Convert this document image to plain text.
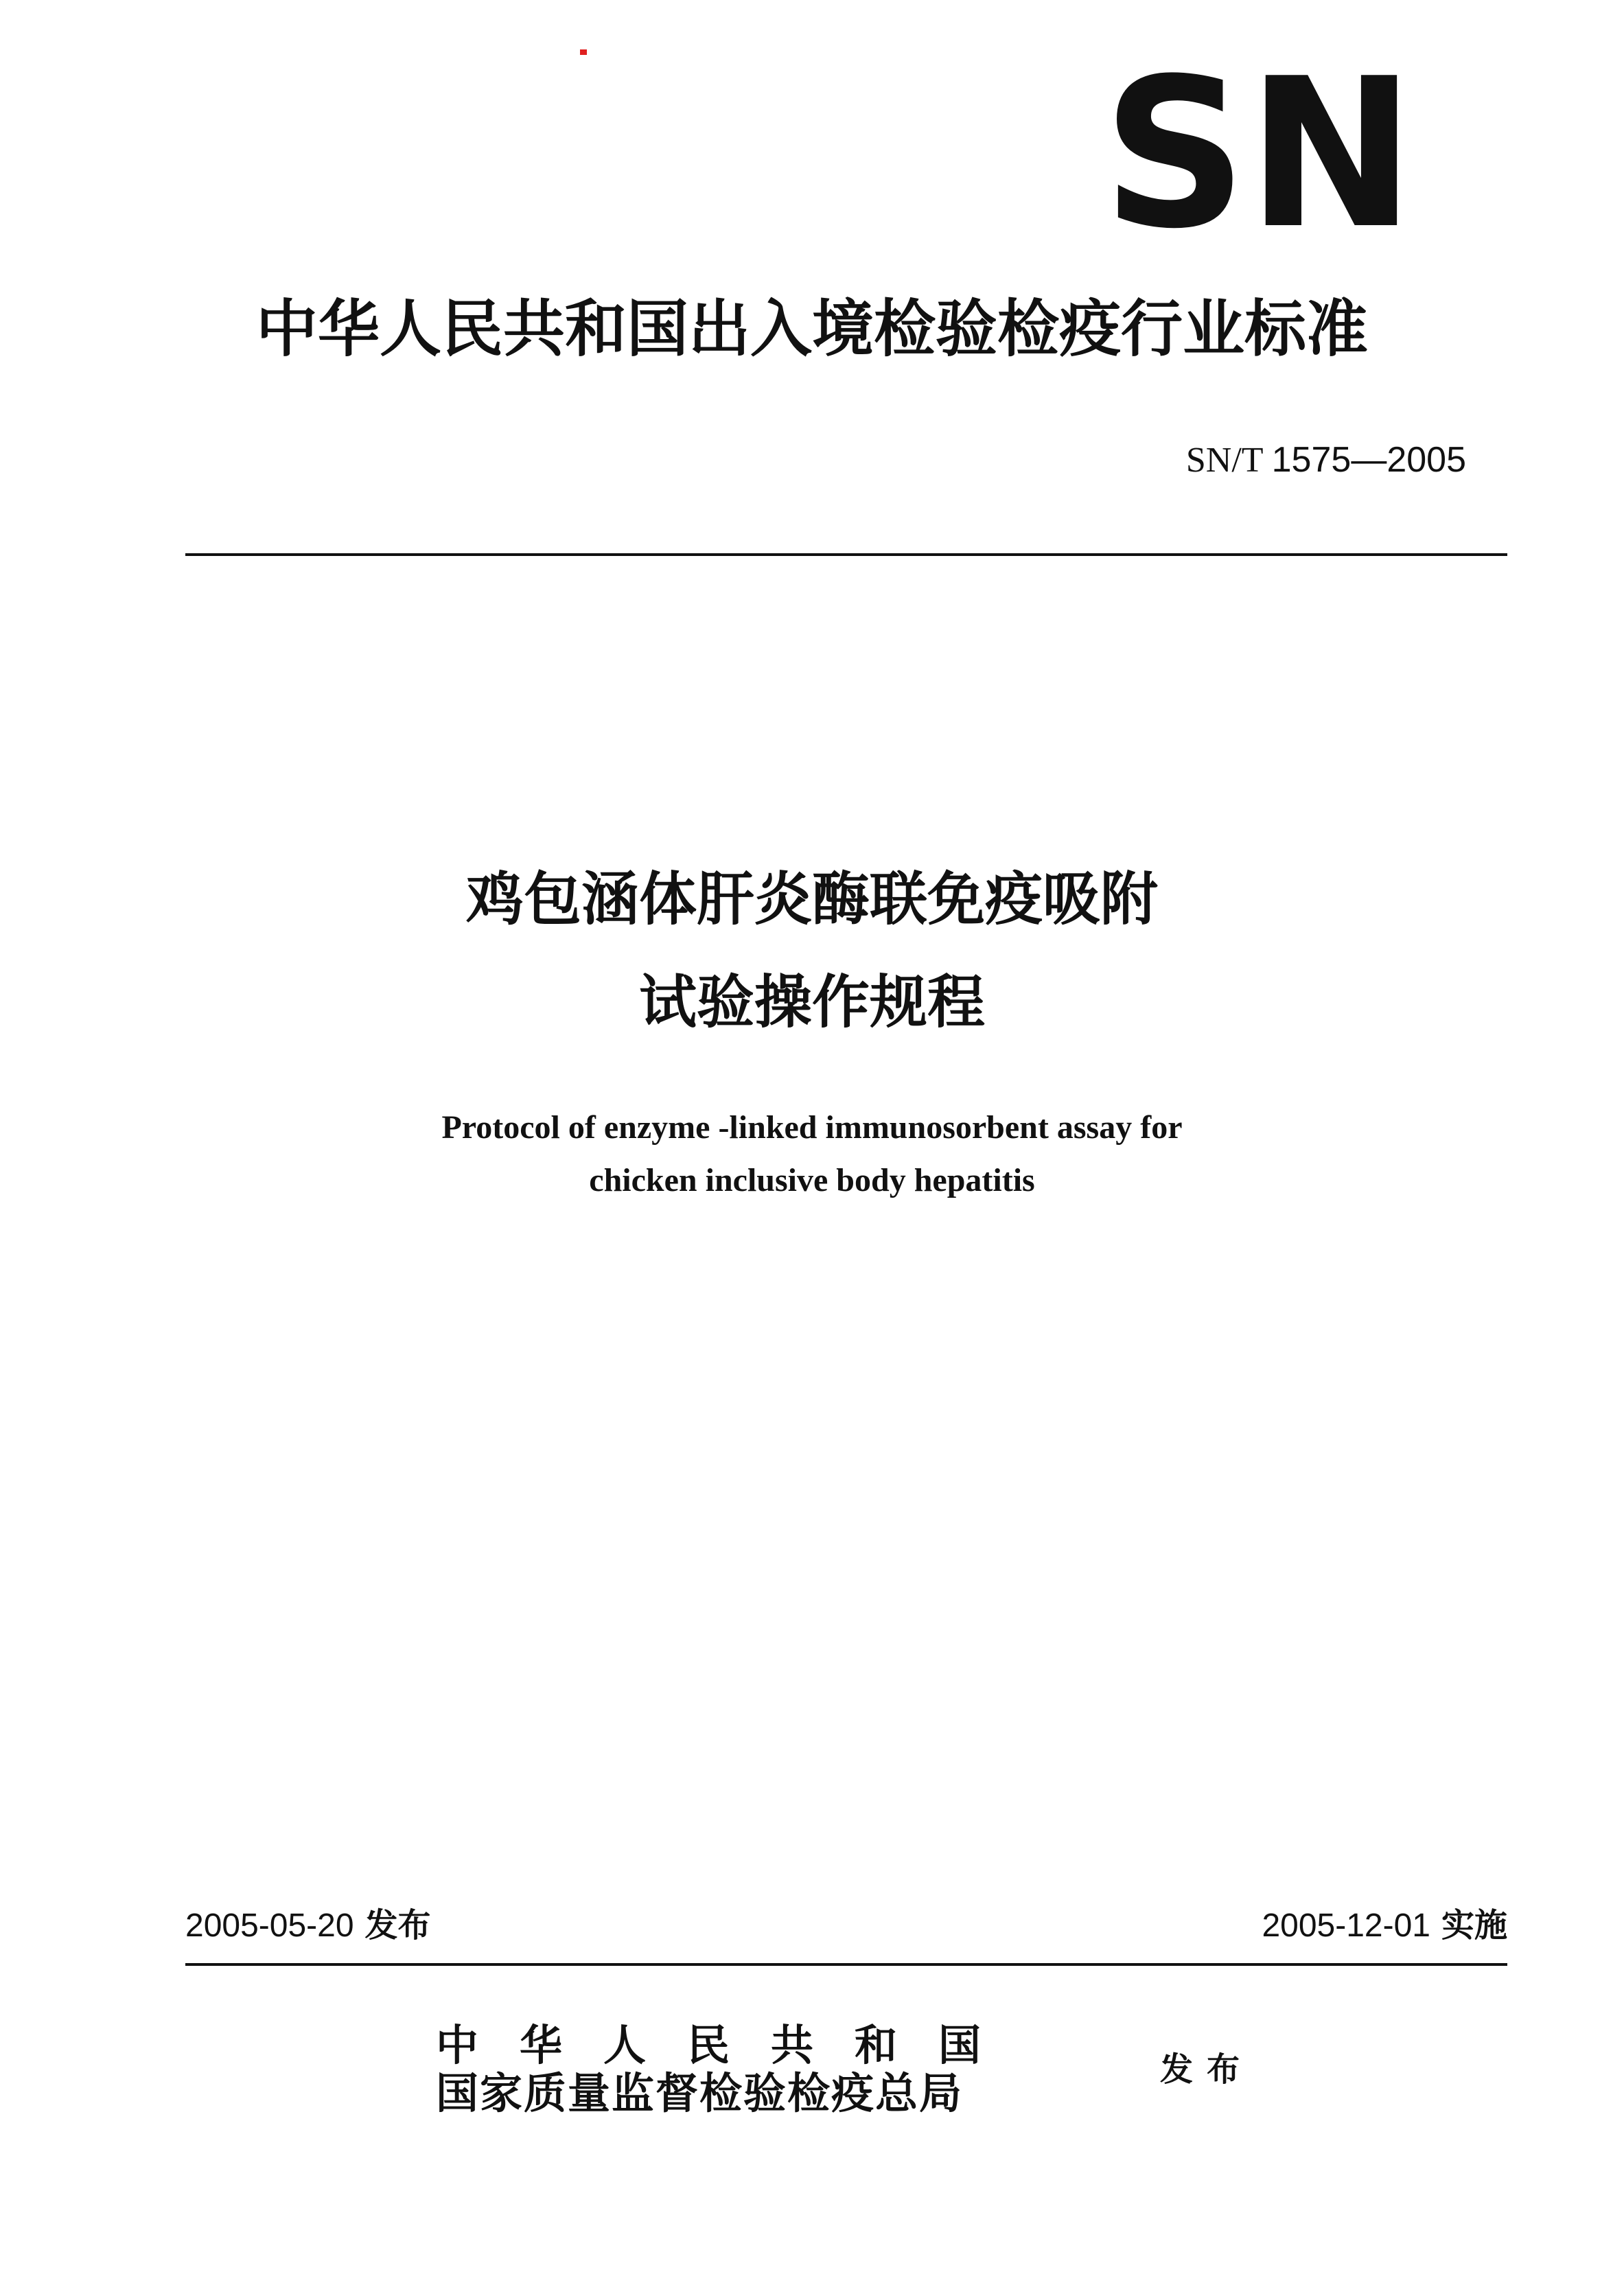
SN
中华人民共和国出入境检验检疫行业标准
SN/T 1575—2005
鸡包涵体肝炎酶联免疫吸附
试验操作规程
Protocol of enzyme -linked immunosorbent assay for
chicken inclusive body hepatitis
2005-05-20 发布	2005-12-01 实施
中华人民共和国
国家质量监督检验检疫总局	发布
